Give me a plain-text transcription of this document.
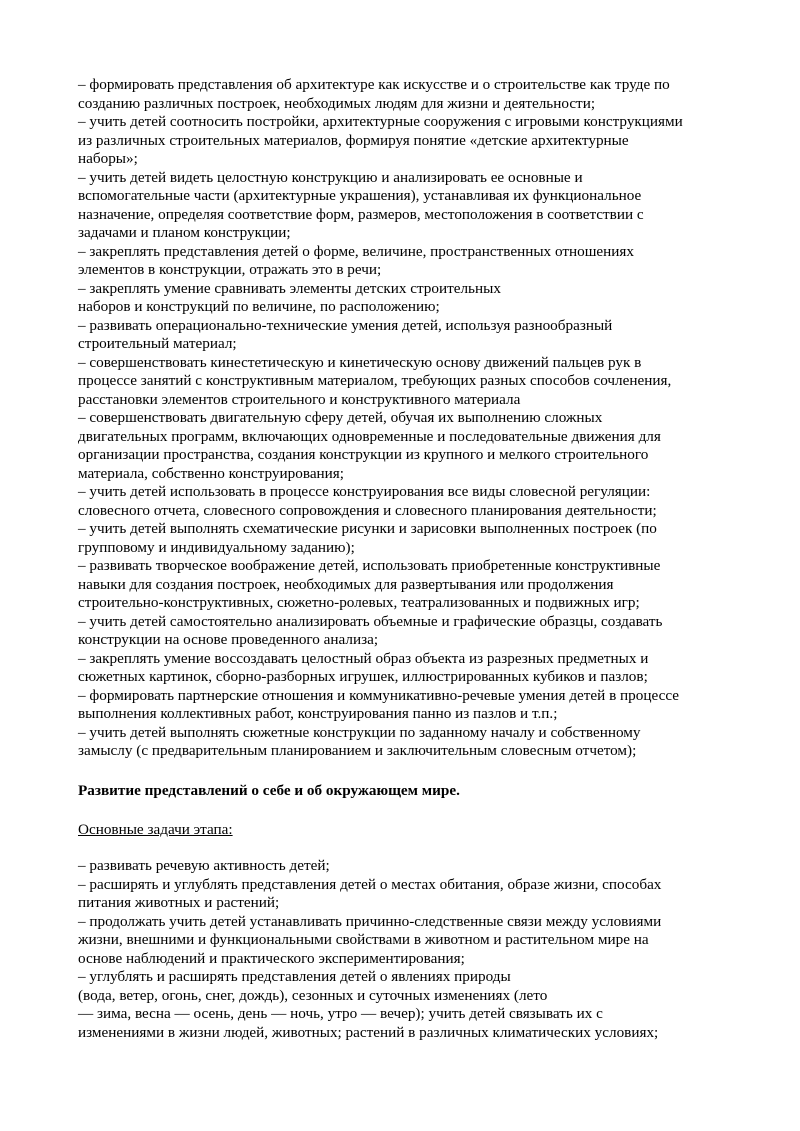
– формировать представления об архитектуре как искусстве и о строительстве как труде по
созданию различных построек, необходимых людям для жизни и деятельности;
– учить детей соотносить постройки, архитектурные сооружения с игровыми конструкциями
из различных строительных материалов, формируя понятие «детские архитектурные
наборы»;
– учить детей видеть целостную конструкцию и анализировать ее основные и
вспомогательные части (архитектурные украшения), устанавливая их функциональное
назначение, определяя соответствие форм, размеров, местоположения в соответствии с
задачами и планом конструкции;
– закреплять представления детей о форме, величине, пространственных отношениях
элементов в конструкции, отражать это в речи;
– закреплять умение сравнивать элементы детских строительных
наборов и конструкций по величине, по расположению;
– развивать операционально-технические умения детей, используя разнообразный
строительный материал;
– совершенствовать кинестетическую и кинетическую основу движений пальцев рук в
процессе занятий с конструктивным материалом, требующих разных способов сочленения,
расстановки элементов строительного и конструктивного материала
– совершенствовать двигательную сферу детей, обучая их выполнению сложных
двигательных программ, включающих одновременные и последовательные движения для
организации пространства, создания конструкции из крупного и мелкого строительного
материала, собственно конструирования;
– учить детей использовать в процессе конструирования все виды словесной регуляции:
словесного отчета, словесного сопровождения и словесного планирования деятельности;
– учить детей выполнять схематические рисунки и зарисовки выполненных построек (по
групповому и индивидуальному заданию);
– развивать творческое воображение детей, использовать приобретенные конструктивные
навыки для создания построек, необходимых для развертывания или продолжения
строительно-конструктивных, сюжетно-ролевых, театрализованных и подвижных игр;
– учить детей самостоятельно анализировать объемные и графические образцы, создавать
конструкции на основе проведенного анализа;
– закреплять умение воссоздавать целостный образ объекта из разрезных предметных и
сюжетных картинок, сборно-разборных игрушек, иллюстрированных кубиков и пазлов;
– формировать партнерские отношения и коммуникативно-речевые умения детей в процессе
выполнения коллективных работ, конструирования панно из пазлов и т.п.;
– учить детей выполнять сюжетные конструкции по заданному началу и собственному
замыслу (с предварительным планированием и заключительным словесным отчетом);
Развитие представлений о себе и об окружающем мире.
Основные задачи этапа:
– развивать речевую активность детей;
– расширять и углублять представления детей о местах обитания, образе жизни, способах
питания животных и растений;
– продолжать учить детей устанавливать причинно-следственные связи между условиями
жизни, внешними и функциональными свойствами в животном и растительном мире на
основе наблюдений и практического экспериментирования;
– углублять и расширять представления детей о явлениях природы
(вода, ветер, огонь, снег, дождь), сезонных и суточных изменениях (лето
— зима, весна — осень, день — ночь, утро — вечер); учить детей связывать их с
изменениями в жизни людей, животных; растений в различных климатических условиях;
